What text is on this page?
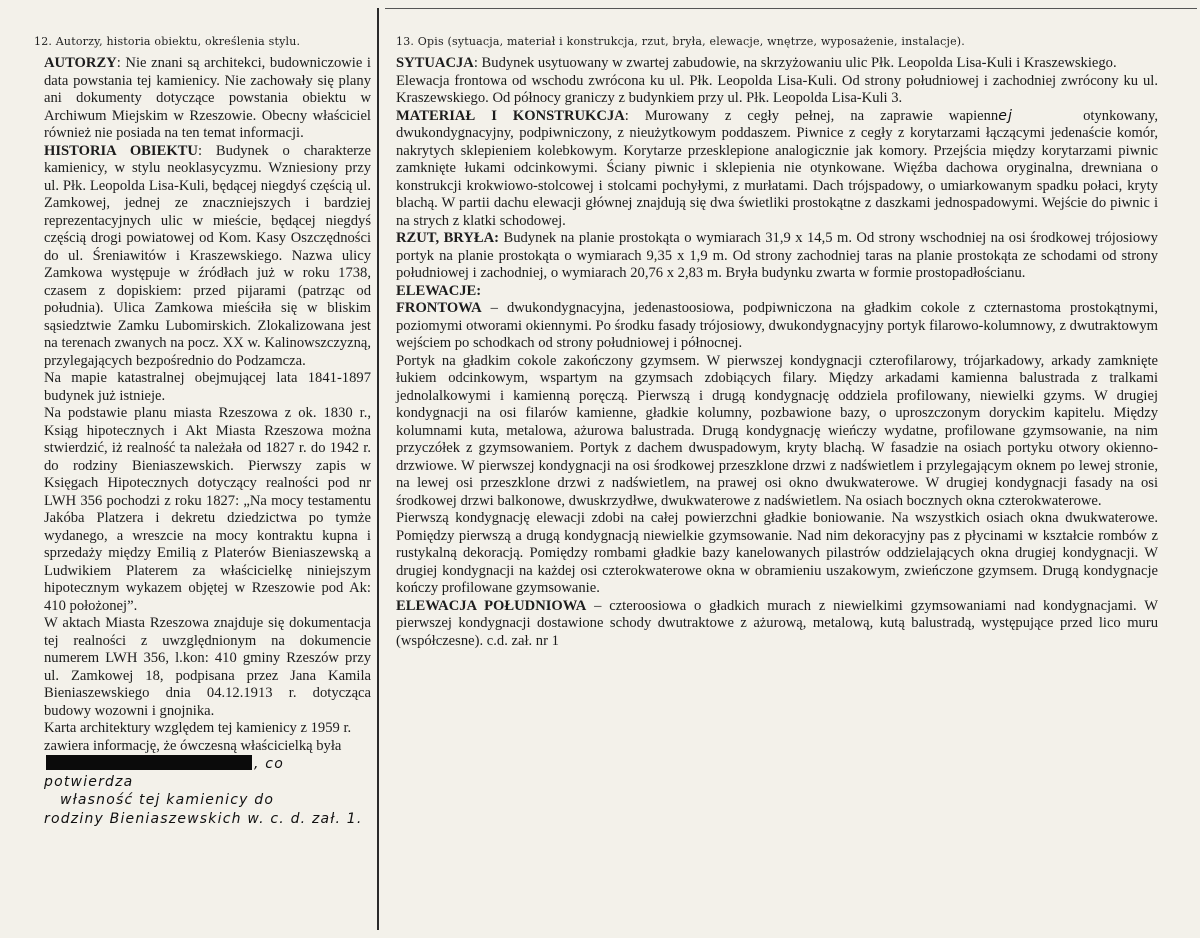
12. Autorzy, historia obiektu, określenia stylu.	13. Opis (sytuacja, materiał i konstrukcja, rzut, bryła, elewacje, wnętrze, wyposażenie, instalacje).

AUTORZY: Nie znani są architekci, budowniczowie i data powstania tej kamienicy. Nie zachowały się plany ani dokumenty dotyczące powstania obiektu w Archiwum Miejskim w Rzeszowie. Obecny właściciel również nie posiada na ten temat informacji.

HISTORIA OBIEKTU: Budynek o charakterze kamienicy, w stylu neoklasycyzmu. Wzniesiony przy ul. Płk. Leopolda Lisa-Kuli, będącej niegdyś częścią ul. Zamkowej, jednej ze znaczniejszych i bardziej reprezentacyjnych ulic w mieście, będącej niegdyś częścią drogi powiatowej od Kom. Kasy Oszczędności do ul. Śreniawitów i Kraszewskiego. Nazwa ulicy Zamkowa występuje w źródłach już w roku 1738, czasem z dopiskiem: przed pijarami (patrząc od południa). Ulica Zamkowa mieściła się w bliskim sąsiedztwie Zamku Lubomirskich. Zlokalizowana jest na terenach zwanych na pocz. XX w. Kalinowszczyzną, przylegających bezpośrednio do Podzamcza.

Na mapie katastralnej obejmującej lata 1841-1897 budynek już istnieje.

Na podstawie planu miasta Rzeszowa z ok. 1830 r., Ksiąg hipotecznych i Akt Miasta Rzeszowa można stwierdzić, iż realność ta należała od 1827 r. do 1942 r. do rodziny Bieniaszewskich. Pierwszy zapis w Księgach Hipotecznych dotyczący realności pod nr LWH 356 pochodzi z roku 1827: „Na mocy testamentu Jakóba Platzera i dekretu dziedzictwa po tymże wydanego, a wreszcie na mocy kontraktu kupna i sprzedaży między Emilią z Platerów Bieniaszewską a Ludwikiem Platerem za właścicielkę niniejszym hipotecznym wykazem objętej w Rzeszowie pod Ak: 410 położonej”.

W aktach Miasta Rzeszowa znajduje się dokumentacja tej realności z uwzględnionym na dokumencie numerem LWH 356, l.kon: 410 gminy Rzeszów przy ul. Zamkowej 18, podpisana przez Jana Kamila Bieniaszewskiego dnia 04.12.1913 r. dotycząca budowy wozowni i gnojnika.

Karta architektury względem tej kamienicy z 1959 r. zawiera informację, że ówczesną właścicielką była, co potwierdza
własność tej kamienicy do
rodziny Bieniaszewskich w. c. d. zał. 1.

SYTUACJA: Budynek usytuowany w zwartej zabudowie, na skrzyżowaniu ulic Płk. Leopolda Lisa-Kuli i Kraszewskiego.

Elewacja frontowa od wschodu zwrócona ku ul. Płk. Leopolda Lisa-Kuli. Od strony południowej i zachodniej zwrócony ku ul. Kraszewskiego. Od północy graniczy z budynkiem przy ul. Płk. Leopolda Lisa-Kuli 3.

MATERIAŁ I KONSTRUKCJA: Murowany z cegły pełnej, na zaprawie wapiennej	otynkowany, dwukondygnacyjny, podpiwniczony, z nieużytkowym poddaszem. Piwnice z cegły z korytarzami łączącymi jedenaście komór, nakrytych sklepieniem kolebkowym. Korytarze przesklepione analogicznie jak komory. Przejścia między korytarzami piwnic zamknięte łukami odcinkowymi. Ściany piwnic i sklepienia nie otynkowane. Więźba dachowa oryginalna, drewniana o konstrukcji krokwiowo-stolcowej i stolcami pochyłymi, z murłatami. Dach trójspadowy, o umiarkowanym spadku połaci, kryty blachą. W partii dachu elewacji głównej znajdują się dwa świetliki prostokątne z daszkami jednospadowymi. Wejście do piwnic i na strych z klatki schodowej.

RZUT, BRYŁA: Budynek na planie prostokąta o wymiarach 31,9 x 14,5 m. Od strony wschodniej na osi środkowej trójosiowy portyk na planie prostokąta o wymiarach 9,35 x 1,9 m. Od strony zachodniej taras na planie prostokąta ze schodami od strony południowej i zachodniej, o wymiarach 20,76 x 2,83 m. Bryła budynku zwarta w formie prostopadłościanu.

ELEWACJE:

FRONTOWA – dwukondygnacyjna, jedenastoosiowa, podpiwniczona na gładkim cokole z czternastoma prostokątnymi, poziomymi otworami okiennymi. Po środku fasady trójosiowy, dwukondygnacyjny portyk filarowo-kolumnowy, z dwutraktowym wejściem po schodkach od strony południowej i północnej.

Portyk na gładkim cokole zakończony gzymsem. W pierwszej kondygnacji czterofilarowy, trójarkadowy, arkady zamknięte łukiem odcinkowym, wspartym na gzymsach zdobiących filary. Między arkadami kamienna balustrada z tralkami jednolalkowymi i kamienną poręczą. Pierwszą i drugą kondygnację oddziela profilowany, niewielki gzyms. W drugiej kondygnacji na osi filarów kamienne, gładkie kolumny, pozbawione bazy, o uproszczonym doryckim kapitelu. Między kolumnami kuta, metalowa, ażurowa balustrada. Drugą kondygnację wieńczy wydatne, profilowane gzymsowanie, na nim przyczółek z gzymsowaniem. Portyk z dachem dwuspadowym, kryty blachą. W fasadzie na osiach portyku otwory okienno-drzwiowe. W pierwszej kondygnacji na osi środkowej przeszklone drzwi z nadświetlem i przylegającym oknem po lewej stronie, na lewej osi przeszklone drzwi z nadświetlem, na prawej osi okno dwukwaterowe. W drugiej kondygnacji fasady na osi środkowej drzwi balkonowe, dwuskrzydłwe, dwukwaterowe z nadświetlem. Na osiach bocznych okna czterokwaterowe.

Pierwszą kondygnację elewacji zdobi na całej powierzchni gładkie boniowanie. Na wszystkich osiach okna dwukwaterowe. Pomiędzy pierwszą a drugą kondygnacją niewielkie gzymsowanie. Nad nim dekoracyjny pas z płycinami w kształcie rombów z rustykalną dekoracją. Pomiędzy rombami gładkie bazy kanelowanych pilastrów oddzielających okna drugiej kondygnacji. W drugiej kondygnacji na każdej osi czterokwaterowe okna w obramieniu uszakowym, zwieńczone gzymsem. Drugą kondygnacje kończy profilowane gzymsowanie.

ELEWACJA POŁUDNIOWA – czteroosiowa o gładkich murach z niewielkimi gzymsowaniami nad kondygnacjami. W pierwszej kondygnacji dostawione schody dwutraktowe z ażurową, metalową, kutą balustradą, występujące przed lico muru (współczesne). c.d. zał. nr 1
